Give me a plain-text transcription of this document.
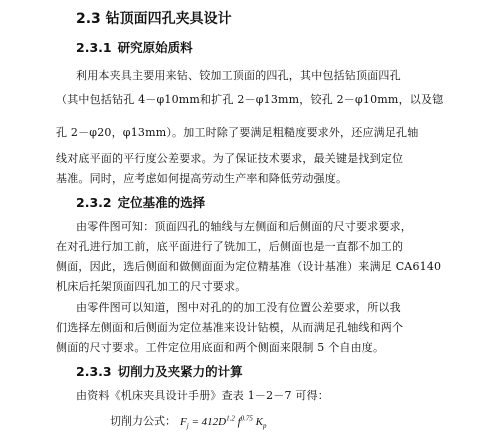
2.3 钻顶面四孔夹具设计
2.3.1 研究原始质料
利用本夹具主要用来钻、铰加工顶面的四孔，其中包括钻顶面四孔
（其中包括钻孔 4－φ10mm和扩孔 2－φ13mm，铰孔 2－φ10mm，以及锪
孔 2－φ20，φ13mm）。加工时除了要满足粗糙度要求外，还应满足孔轴
线对底平面的平行度公差要求。为了保证技术要求，最关键是找到定位
基准。同时，应考虑如何提高劳动生产率和降低劳动强度。
2.3.2 定位基准的选择
由零件图可知：顶面四孔的轴线与左侧面和后侧面的尺寸要求要求，
在对孔进行加工前，底平面进行了铣加工，后侧面也是一直都不加工的
侧面，因此，选后侧面和做侧面面为定位精基准（设计基准）来满足 CA6140
机床后托架顶面四孔加工的尺寸要求。
由零件图可以知道，图中对孔的的加工没有位置公差要求，所以我
们选择左侧面和后侧面为定位基准来设计钻模，从而满足孔轴线和两个
侧面的尺寸要求。工件定位用底面和两个侧面来限制 5 个自由度。
2.3.3 切削力及夹紧力的计算
由资料《机床夹具设计手册》查表 1－2－7 可得：
切削力公式： $F_j = 412D^{1.2}$ $f^{0.75}$ $K_p$
